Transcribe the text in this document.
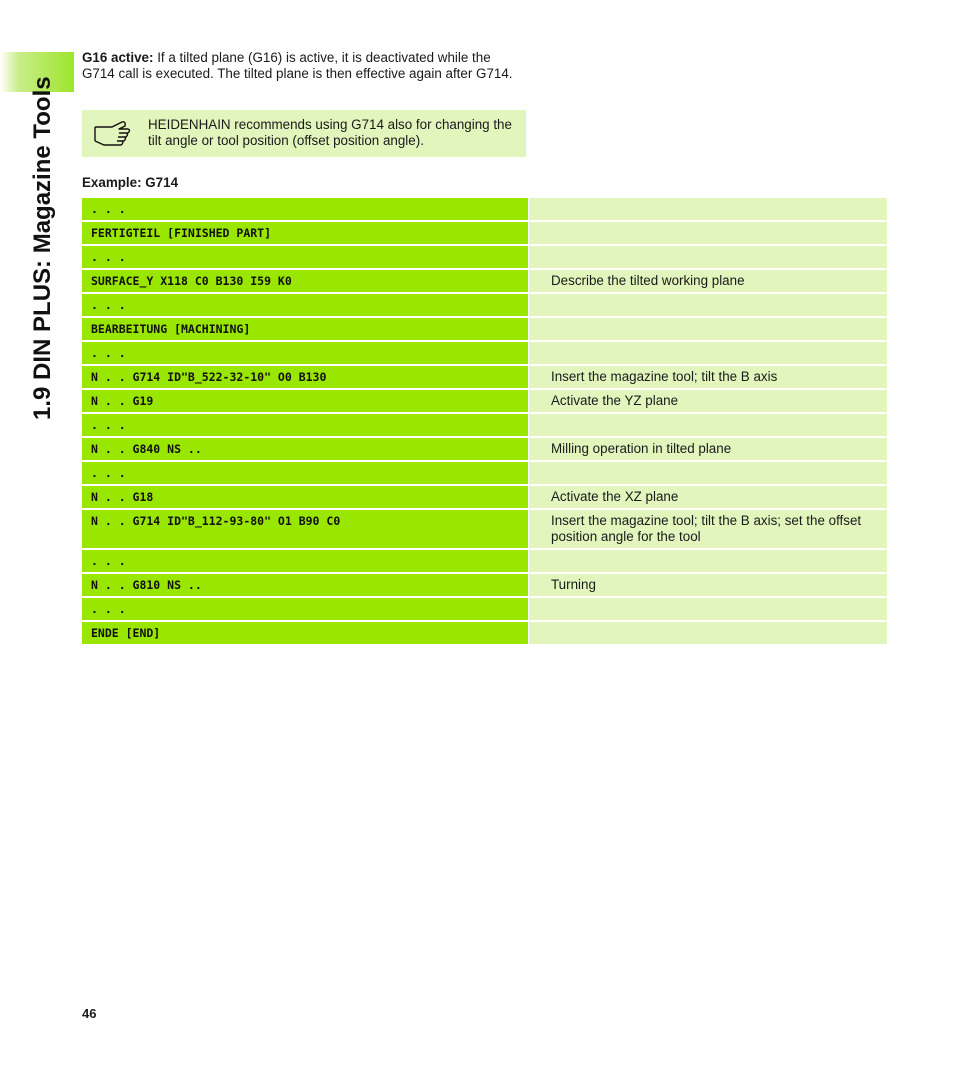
1.9 DIN PLUS: Magazine Tools
G16 active: If a tilted plane (G16) is active, it is deactivated while the G714 call is executed. The tilted plane is then effective again after G714.
HEIDENHAIN recommends using G714 also for changing the tilt angle or tool position (offset position angle).
Example: G714
. . .
FERTIGTEIL [FINISHED PART]
. . .
SURFACE_Y X118 C0 B130 I59 K0	Describe the tilted working plane
. . .
BEARBEITUNG [MACHINING]
. . .
N . . G714 ID"B_522-32-10" O0 B130	Insert the magazine tool; tilt the B axis
N . . G19	Activate the YZ plane
. . .
N . . G840 NS ..	Milling operation in tilted plane
. . .
N . . G18	Activate the XZ plane
N . . G714 ID"B_112-93-80" O1 B90 C0	Insert the magazine tool; tilt the B axis; set the offset position angle for the tool
. . .
N . . G810 NS ..	Turning
. . .
ENDE [END]
46
